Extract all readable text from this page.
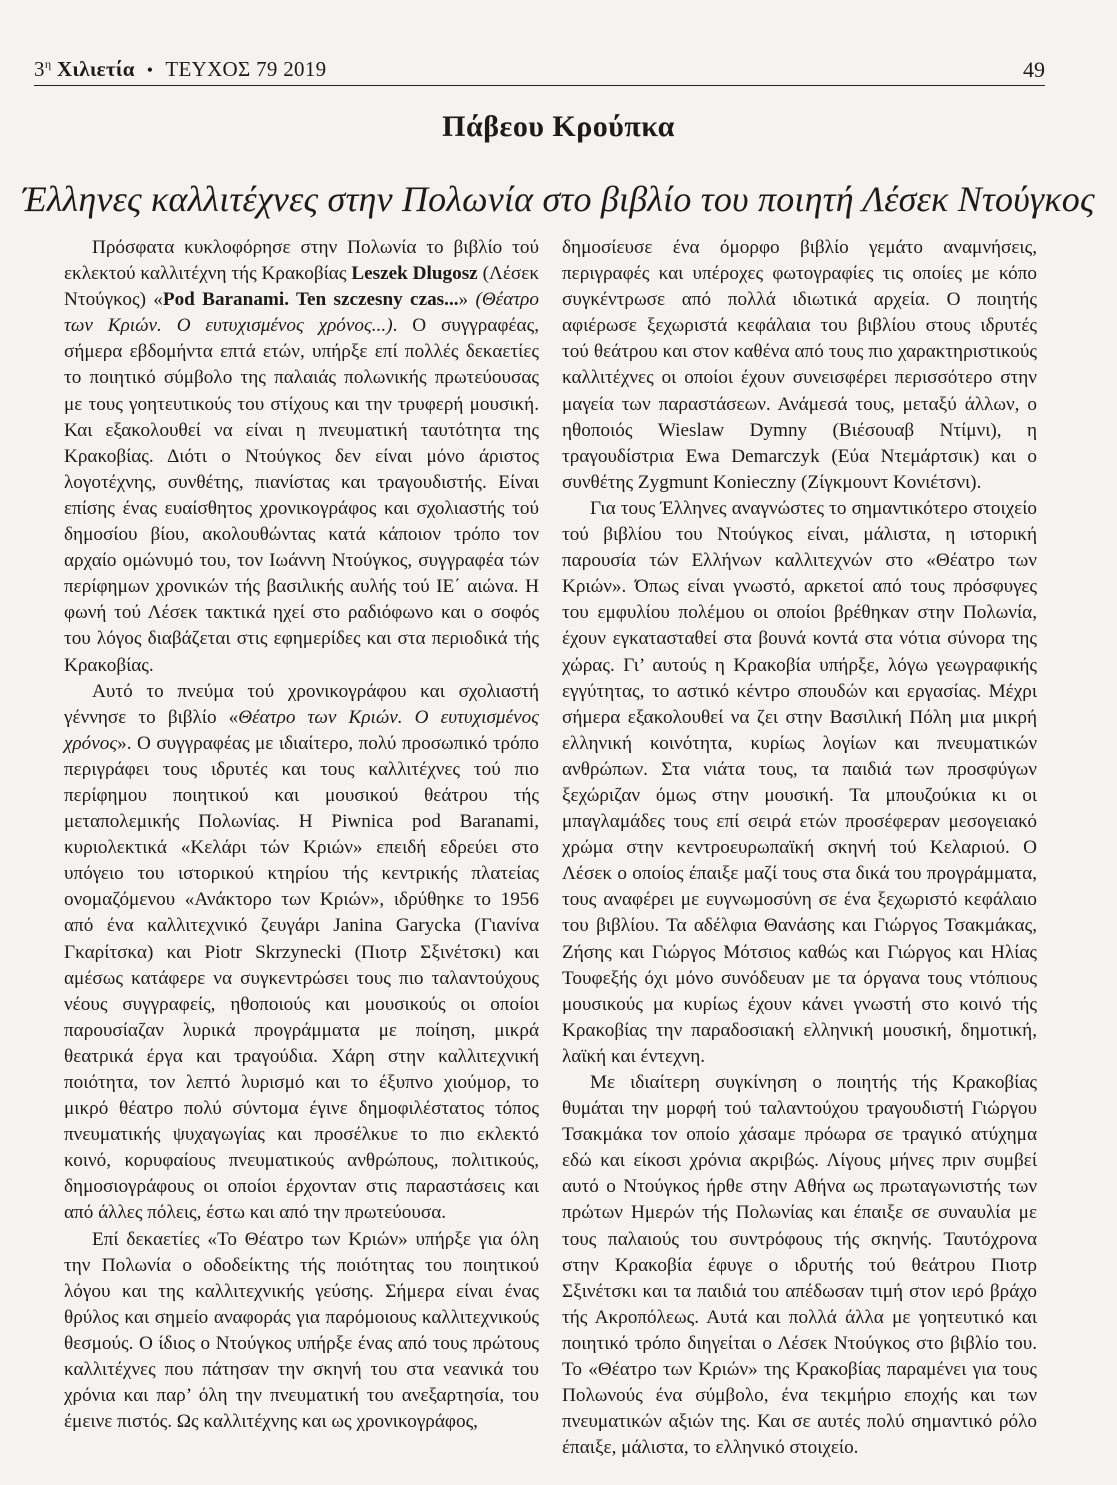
$3^\eta$ Χιλιετία • ΤΕΥΧΟΣ 79 2019	49
Πάβεου Κρούπκα
Έλληνες καλλιτέχνες στην Πολωνία στο βιβλίο του ποιητή Λέσεκ Ντούγκος

Πρόσφατα κυκλοφόρησε στην Πολωνία το βιβλίο τού εκλεκτού καλλιτέχνη τής Κρακοβίας Leszek Dlugosz (Λέσεκ Ντούγκος) «Pod Baranami. Ten szczesny czas...» (Θέατρο των Κριών. Ο ευτυχισμένος χρόνος...). Ο συγγραφέας, σήμερα εβδομήντα επτά ετών, υπήρξε επί πολλές δεκαετίες το ποιητικό σύμβολο της παλαιάς πολωνικής πρωτεύουσας με τους γοητευτικούς του στίχους και την τρυφερή μουσική. Και εξακολουθεί να είναι η πνευματική ταυτότητα της Κρακοβίας. Διότι ο Ντούγκος δεν είναι μόνο άριστος λογοτέχνης, συνθέτης, πιανίστας και τραγουδιστής. Είναι επίσης ένας ευαίσθητος χρονικογράφος και σχολιαστής τού δημοσίου βίου, ακολουθώντας κατά κάποιον τρόπο τον αρχαίο ομώνυμό του, τον Ιωάννη Ντούγκος, συγγραφέα τών περίφημων χρονικών τής βασιλικής αυλής τού ΙΕ΄ αιώνα. Η φωνή τού Λέσεκ τακτικά ηχεί στο ραδιόφωνο και ο σοφός του λόγος διαβάζεται στις εφημερίδες και στα περιοδικά τής Κρακοβίας.

Αυτό το πνεύμα τού χρονικογράφου και σχολιαστή γέννησε το βιβλίο «Θέατρο των Κριών. Ο ευτυχισμένος χρόνος». Ο συγγραφέας με ιδιαίτερο, πολύ προσωπικό τρόπο περιγράφει τους ιδρυτές και τους καλλιτέχνες τού πιο περίφημου ποιητικού και μουσικού θεάτρου τής μεταπολεμικής Πολωνίας. Η Piwnica pod Baranami, κυριολεκτικά «Κελάρι τών Κριών» επειδή εδρεύει στο υπόγειο του ιστορικού κτηρίου τής κεντρικής πλατείας ονομαζόμενου «Ανάκτορο των Κριών», ιδρύθηκε το 1956 από ένα καλλιτεχνικό ζευγάρι Janina Garycka (Γιανίνα Γκαρίτσκα) και Piotr Skrzynecki (Πιοτρ Σξινέτσκι) και αμέσως κατάφερε να συγκεντρώσει τους πιο ταλαντούχους νέους συγγραφείς, ηθοποιούς και μουσικούς οι οποίοι παρουσίαζαν λυρικά προγράμματα με ποίηση, μικρά θεατρικά έργα και τραγούδια. Χάρη στην καλλιτεχνική ποιότητα, τον λεπτό λυρισμό και το έξυπνο χιούμορ, το μικρό θέατρο πολύ σύντομα έγινε δημοφιλέστατος τόπος πνευματικής ψυχαγωγίας και προσέλκυε το πιο εκλεκτό κοινό, κορυφαίους πνευματικούς ανθρώπους, πολιτικούς, δημοσιογράφους οι οποίοι έρχονταν στις παραστάσεις και από άλλες πόλεις, έστω και από την πρωτεύουσα.

Επί δεκαετίες «Το Θέατρο των Κριών» υπήρξε για όλη την Πολωνία ο οδοδείκτης τής ποιότητας του ποιητικού λόγου και της καλλιτεχνικής γεύσης. Σήμερα είναι ένας θρύλος και σημείο αναφοράς για παρόμοιους καλλιτεχνικούς θεσμούς. Ο ίδιος ο Ντούγκος υπήρξε ένας από τους πρώτους καλλιτέχνες που πάτησαν την σκηνή του στα νεανικά του χρόνια και παρ’ όλη την πνευματική του ανεξαρτησία, του έμεινε πιστός. Ως καλλιτέχνης και ως χρονικογράφος,

δημοσίευσε ένα όμορφο βιβλίο γεμάτο αναμνήσεις, περιγραφές και υπέροχες φωτογραφίες τις οποίες με κόπο συγκέντρωσε από πολλά ιδιωτικά αρχεία. Ο ποιητής αφιέρωσε ξεχωριστά κεφάλαια του βιβλίου στους ιδρυτές τού θεάτρου και στον καθένα από τους πιο χαρακτηριστικούς καλλιτέχνες οι οποίοι έχουν συνεισφέρει περισσότερο στην μαγεία των παραστάσεων. Ανάμεσά τους, μεταξύ άλλων, ο ηθοποιός Wieslaw Dymny (Βιέσουαβ Ντίμνι), η τραγουδίστρια Ewa Demarczyk (Εύα Ντεμάρτσικ) και ο συνθέτης Zygmunt Konieczny (Ζίγκμουντ Κονιέτσνι).

Για τους Έλληνες αναγνώστες το σημαντικότερο στοιχείο τού βιβλίου του Ντούγκος είναι, μάλιστα, η ιστορική παρουσία τών Ελλήνων καλλιτεχνών στο «Θέατρο των Κριών». Όπως είναι γνωστό, αρκετοί από τους πρόσφυγες του εμφυλίου πολέμου οι οποίοι βρέθηκαν στην Πολωνία, έχουν εγκατασταθεί στα βουνά κοντά στα νότια σύνορα της χώρας. Γι’ αυτούς η Κρακοβία υπήρξε, λόγω γεωγραφικής εγγύτητας, το αστικό κέντρο σπουδών και εργασίας. Μέχρι σήμερα εξακολουθεί να ζει στην Βασιλική Πόλη μια μικρή ελληνική κοινότητα, κυρίως λογίων και πνευματικών ανθρώπων. Στα νιάτα τους, τα παιδιά των προσφύγων ξεχώριζαν όμως στην μουσική. Τα μπουζούκια κι οι μπαγλαμάδες τους επί σειρά ετών προσέφεραν μεσογειακό χρώμα στην κεντροευρωπαϊκή σκηνή τού Κελαριού. Ο Λέσεκ ο οποίος έπαιξε μαζί τους στα δικά του προγράμματα, τους αναφέρει με ευγνωμοσύνη σε ένα ξεχωριστό κεφάλαιο του βιβλίου. Τα αδέλφια Θανάσης και Γιώργος Τσακμάκας, Ζήσης και Γιώργος Μότσιος καθώς και Γιώργος και Ηλίας Τουφεξής όχι μόνο συνόδευαν με τα όργανα τους ντόπιους μουσικούς μα κυρίως έχουν κάνει γνωστή στο κοινό τής Κρακοβίας την παραδοσιακή ελληνική μουσική, δημοτική, λαϊκή και έντεχνη.

Με ιδιαίτερη συγκίνηση ο ποιητής τής Κρακοβίας θυμάται την μορφή τού ταλαντούχου τραγουδιστή Γιώργου Τσακμάκα τον οποίο χάσαμε πρόωρα σε τραγικό ατύχημα εδώ και είκοσι χρόνια ακριβώς. Λίγους μήνες πριν συμβεί αυτό ο Ντούγκος ήρθε στην Αθήνα ως πρωταγωνιστής των πρώτων Ημερών τής Πολωνίας και έπαιξε σε συναυλία με τους παλαιούς του συντρόφους τής σκηνής. Ταυτόχρονα στην Κρακοβία έφυγε ο ιδρυτής τού θεάτρου Πιοτρ Σξινέτσκι και τα παιδιά του απέδωσαν τιμή στον ιερό βράχο τής Ακροπόλεως. Αυτά και πολλά άλλα με γοητευτικό και ποιητικό τρόπο διηγείται ο Λέσεκ Ντούγκος στο βιβλίο του. Το «Θέατρο των Κριών» της Κρακοβίας παραμένει για τους Πολωνούς ένα σύμβολο, ένα τεκμήριο εποχής και των πνευματικών αξιών της. Και σε αυτές πολύ σημαντικό ρόλο έπαιξε, μάλιστα, το ελληνικό στοιχείο.
